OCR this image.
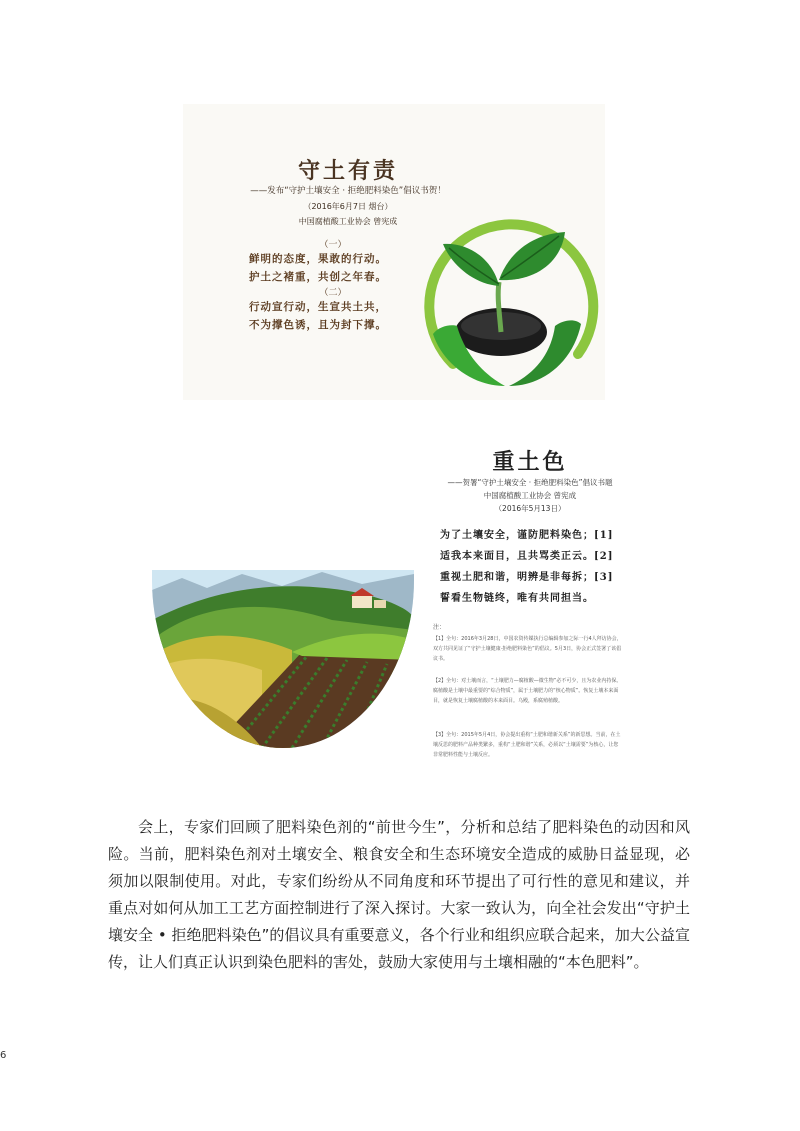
守土有责
——发布“守护土壤安全 · 拒绝肥料染色”倡议书贺！
（2016年6月7日 烟台）
中国腐植酸工业协会 曾宪成
（一）
鲜明的态度，果敢的行动。
护土之褚重，共创之年春。
（二）
行动宣行动，生宣共土共，
不为撑色诱，且为封下撑。
重土色
——贺署“守护土壤安全 · 拒绝肥料染色”倡议书题
中国腐植酸工业协会 曾宪成
（2016年5月13日）
为了土壤安全，谨防肥料染色；[1]
适我本来面目，且共骂类正云。[2]
重视土肥和谐，明辨是非每拆；[3]
誓看生物链终，唯有共同担当。
注：
【1】全句：2016年3月28日，中国农资传媒执行总编辑参加之际一行4人拜访协会，双方共同见证了“守护土壤健康·拒绝肥料染色”的倡议。5月3日，协会正式签署了该倡议书。
【2】全句：对土壤而言，“土壤肥力—腐植酸—微生物”必不可少，且为农业内持保。腐植酸是土壤中最重要的“综合物质”，属于土壤肥力的“核心物质”。恢复土壤本来面目，就是恢复土壤腐植酸的本来面目。乌殿，系腐殖植酸。
【3】全句：2015年5月4日，协会提出重构“土肥和谐新关系”的新思想。当前，在土壤反思的肥料产品种类繁多，重构“土肥和谐”关系，必须以“土壤需要”为核心，让您非常肥料性能与土壤反应。
会上，专家们回顾了肥料染色剂的“前世今生”，分析和总结了肥料染色的动因和风险。当前，肥料染色剂对土壤安全、粮食安全和生态环境安全造成的威胁日益显现，必须加以限制使用。对此，专家们纷纷从不同角度和环节提出了可行性的意见和建议，并重点对如何从加工工艺方面控制进行了深入探讨。大家一致认为，向全社会发出“守护土壤安全 • 拒绝肥料染色”的倡议具有重要意义，各个行业和组织应联合起来，加大公益宣传，让人们真正认识到染色肥料的害处，鼓励大家使用与土壤相融的“本色肥料”。
6
